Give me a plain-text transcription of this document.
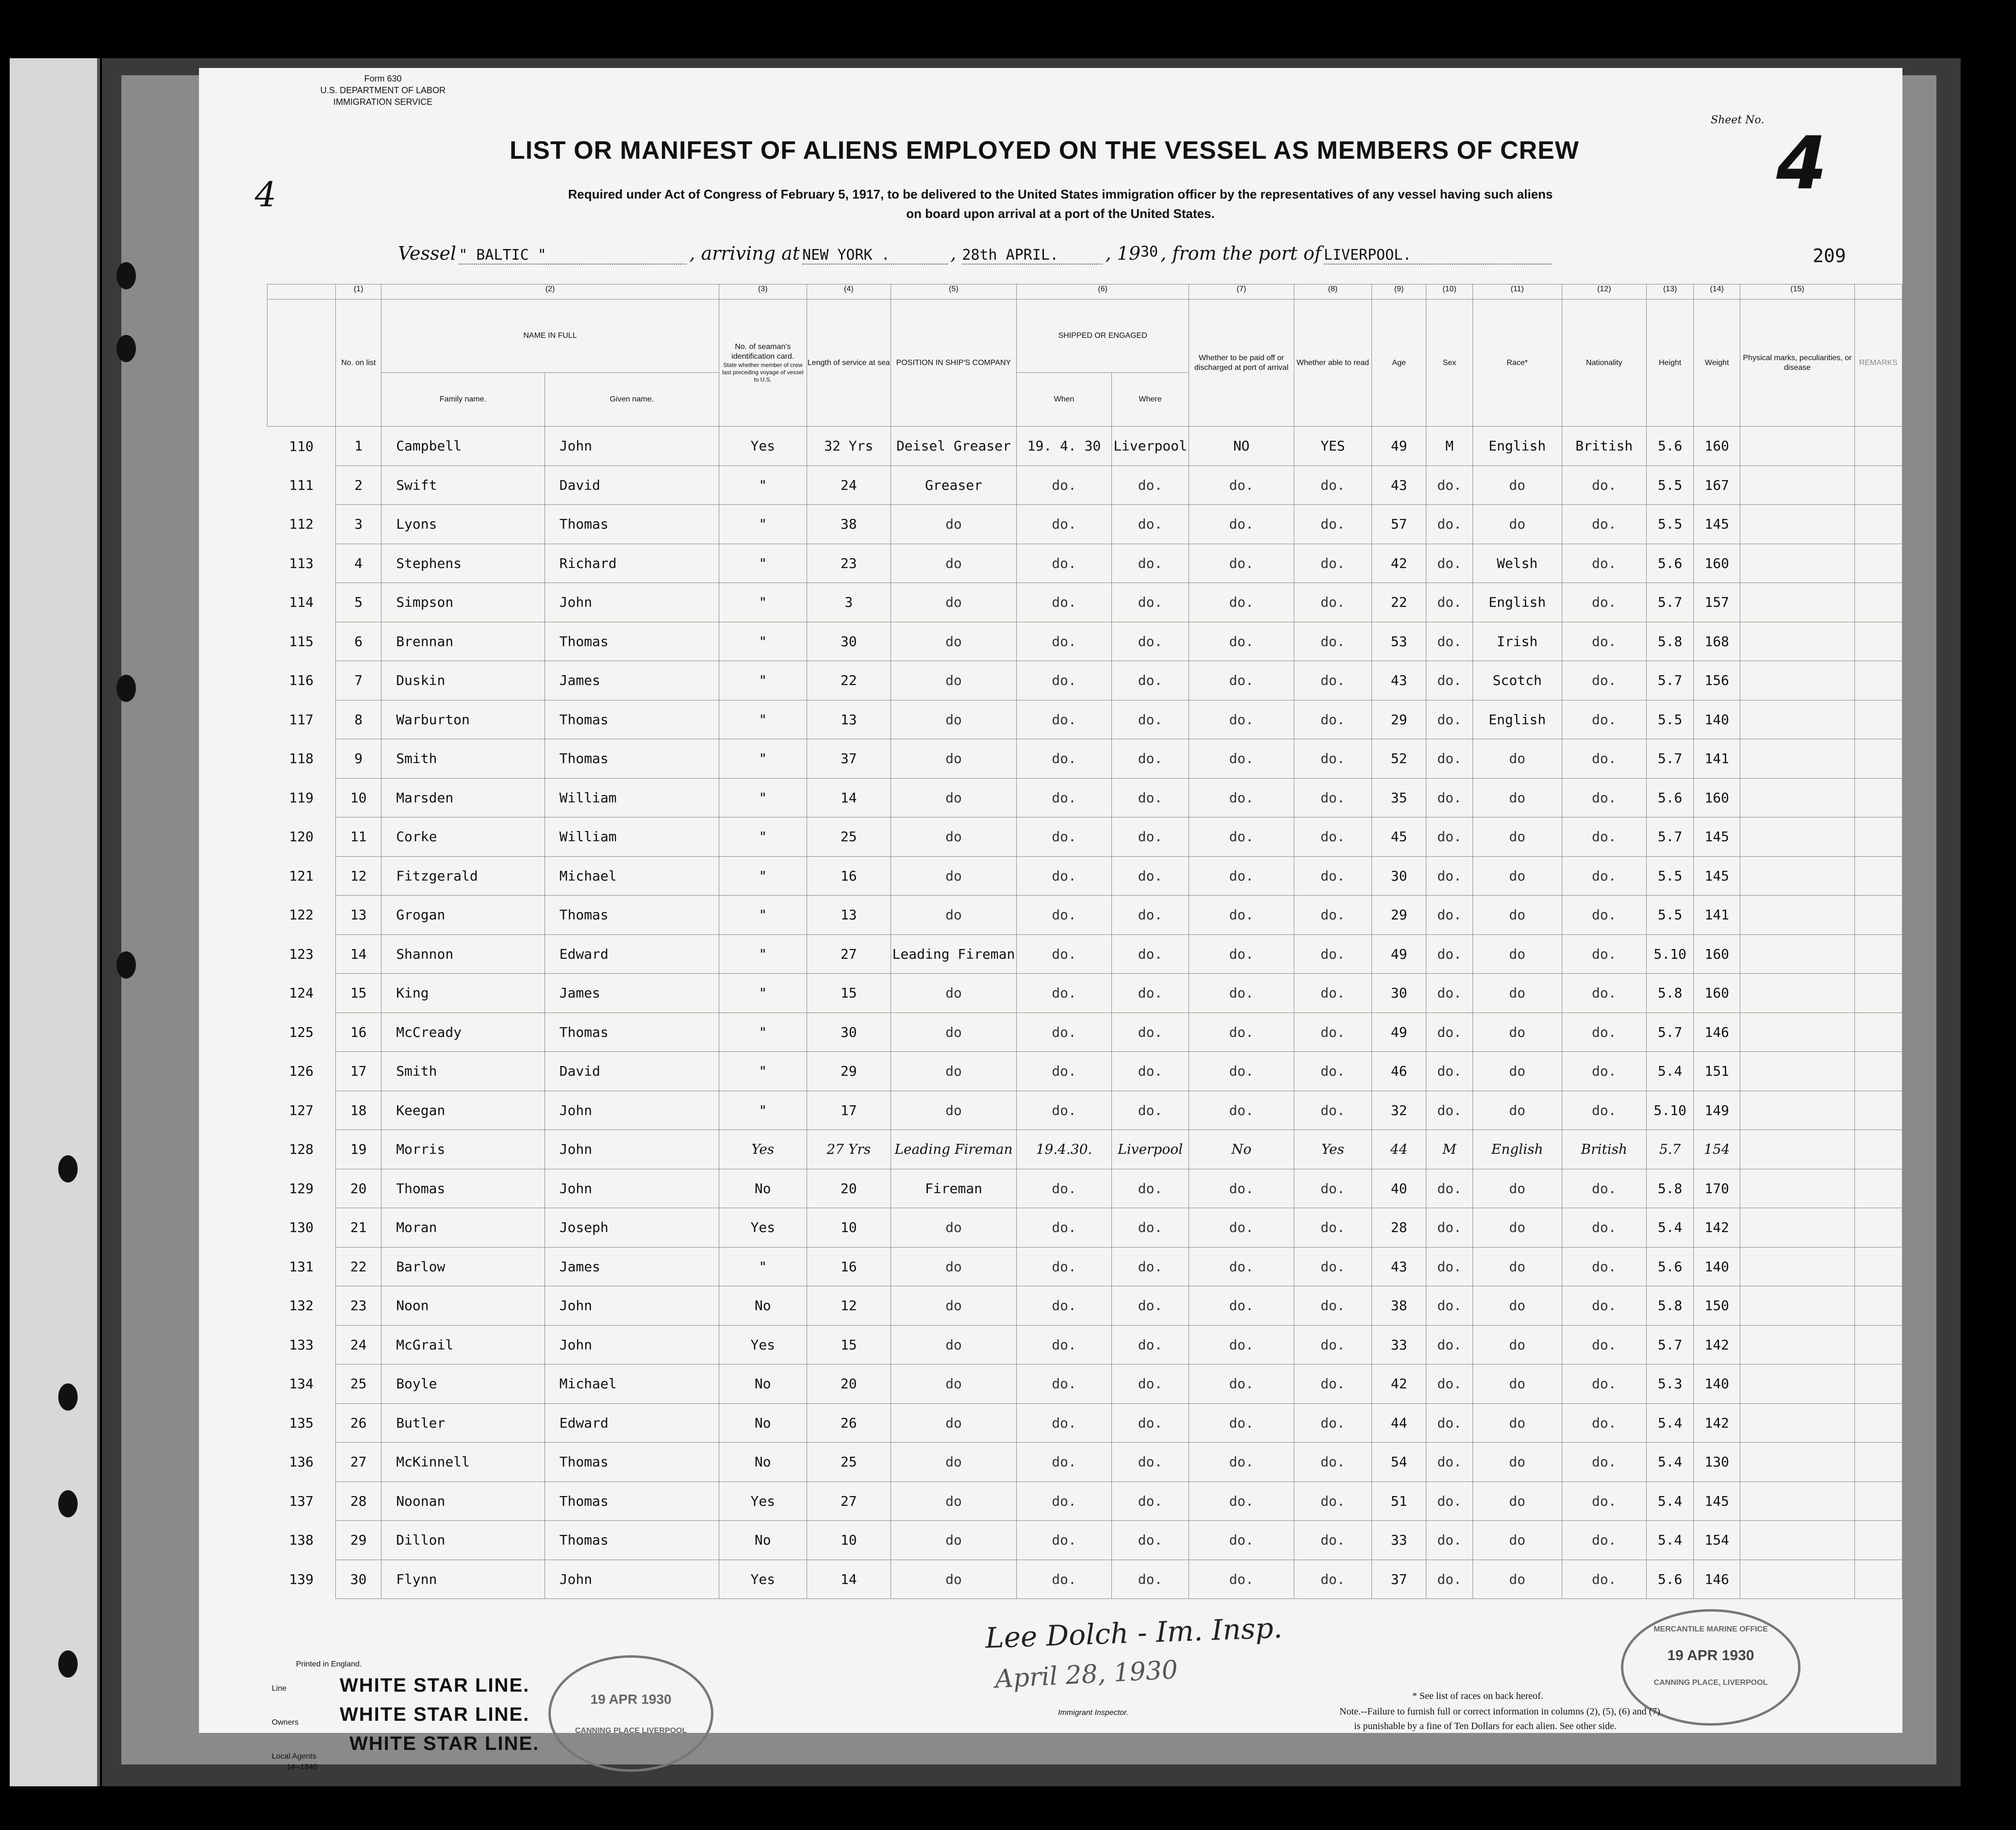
Form 630
U.S. DEPARTMENT OF LABOR
IMMIGRATION SERVICE
4
LIST OR MANIFEST OF ALIENS EMPLOYED ON THE VESSEL AS MEMBERS OF CREW
Required under Act of Congress of February 5, 1917, to be delivered to the United States immigration officer by the representatives of any vessel having such aliens
on board upon arrival at a port of the United States.
Sheet No.
4
Vessel " BALTIC "	, arriving at NEW YORK .	, 28th APRIL.	, $19^{30}$ , from the port of LIVERPOOL.	209
	(1)	(2)		(3)	(4)	(5)	(6)		(7)	(8)	(9)	(10)	(11)	(12)	(13)	(14)	(15)	
	No. on list	NAME IN FULL		No. of seaman's identification card.
State whether member of crew last preceding voyage of vessel to U.S.	Length of service at sea	POSITION IN SHIP'S COMPANY	SHIPPED OR ENGAGED		Whether to be paid off or discharged at port of arrival	Whether able to read	Age	Sex	Race*	Nationality	Height	Weight	Physical marks, peculiarities, or disease	REMARKS
		Family name.	Given name.				When	Where										
110	1	Campbell	John	Yes	32 Yrs	Deisel Greaser	19. 4. 30	Liverpool	NO	YES	49	M	English	British	5.6	160		
111	2	Swift	David	"	24	Greaser	do.	do.	do.	do.	43	do.	do	do.	5.5	167		
112	3	Lyons	Thomas	"	38	do	do.	do.	do.	do.	57	do.	do	do.	5.5	145		
113	4	Stephens	Richard	"	23	do	do.	do.	do.	do.	42	do.	Welsh	do.	5.6	160		
114	5	Simpson	John	"	3	do	do.	do.	do.	do.	22	do.	English	do.	5.7	157		
115	6	Brennan	Thomas	"	30	do	do.	do.	do.	do.	53	do.	Irish	do.	5.8	168		
116	7	Duskin	James	"	22	do	do.	do.	do.	do.	43	do.	Scotch	do.	5.7	156		
117	8	Warburton	Thomas	"	13	do	do.	do.	do.	do.	29	do.	English	do.	5.5	140		
118	9	Smith	Thomas	"	37	do	do.	do.	do.	do.	52	do.	do	do.	5.7	141		
119	10	Marsden	William	"	14	do	do.	do.	do.	do.	35	do.	do	do.	5.6	160		
120	11	Corke	William	"	25	do	do.	do.	do.	do.	45	do.	do	do.	5.7	145		
121	12	Fitzgerald	Michael	"	16	do	do.	do.	do.	do.	30	do.	do	do.	5.5	145		
122	13	Grogan	Thomas	"	13	do	do.	do.	do.	do.	29	do.	do	do.	5.5	141		
123	14	Shannon	Edward	"	27	Leading Fireman	do.	do.	do.	do.	49	do.	do	do.	5.10	160		
124	15	King	James	"	15	do	do.	do.	do.	do.	30	do.	do	do.	5.8	160		
125	16	McCready	Thomas	"	30	do	do.	do.	do.	do.	49	do.	do	do.	5.7	146		
126	17	Smith	David	"	29	do	do.	do.	do.	do.	46	do.	do	do.	5.4	151		
127	18	Keegan	John	"	17	do	do.	do.	do.	do.	32	do.	do	do.	5.10	149		
128	19	Morris	John	Yes	27 Yrs	Leading Fireman	19.4.30.	Liverpool	No	Yes	44	M	English	British	5.7	154		
129	20	Thomas	John	No	20	Fireman	do.	do.	do.	do.	40	do.	do	do.	5.8	170		
130	21	Moran	Joseph	Yes	10	do	do.	do.	do.	do.	28	do.	do	do.	5.4	142		
131	22	Barlow	James	"	16	do	do.	do.	do.	do.	43	do.	do	do.	5.6	140		
132	23	Noon	John	No	12	do	do.	do.	do.	do.	38	do.	do	do.	5.8	150		
133	24	McGrail	John	Yes	15	do	do.	do.	do.	do.	33	do.	do	do.	5.7	142		
134	25	Boyle	Michael	No	20	do	do.	do.	do.	do.	42	do.	do	do.	5.3	140		
135	26	Butler	Edward	No	26	do	do.	do.	do.	do.	44	do.	do	do.	5.4	142		
136	27	McKinnell	Thomas	No	25	do	do.	do.	do.	do.	54	do.	do	do.	5.4	130		
137	28	Noonan	Thomas	Yes	27	do	do.	do.	do.	do.	51	do.	do	do.	5.4	145		
138	29	Dillon	Thomas	No	10	do	do.	do.	do.	do.	33	do.	do	do.	5.4	154		
139	30	Flynn	John	Yes	14	do	do.	do.	do.	do.	37	do.	do	do.	5.6	146		
Printed in England.
Line
Owners
Local Agents
14--1840
WHITE STAR LINE.
WHITE STAR LINE.
WHITE STAR LINE.
19 APR 1930
CANNING PLACE LIVERPOOL
Lee Dolch - Im. Insp.
April 28, 1930
Immigrant Inspector.
MERCANTILE MARINE OFFICE
19 APR 1930
CANNING PLACE, LIVERPOOL
* See list of races on back hereof.
Note.--Failure to furnish full or correct information in columns (2), (5), (6) and (7)
is punishable by a fine of Ten Dollars for each alien. See other side.
